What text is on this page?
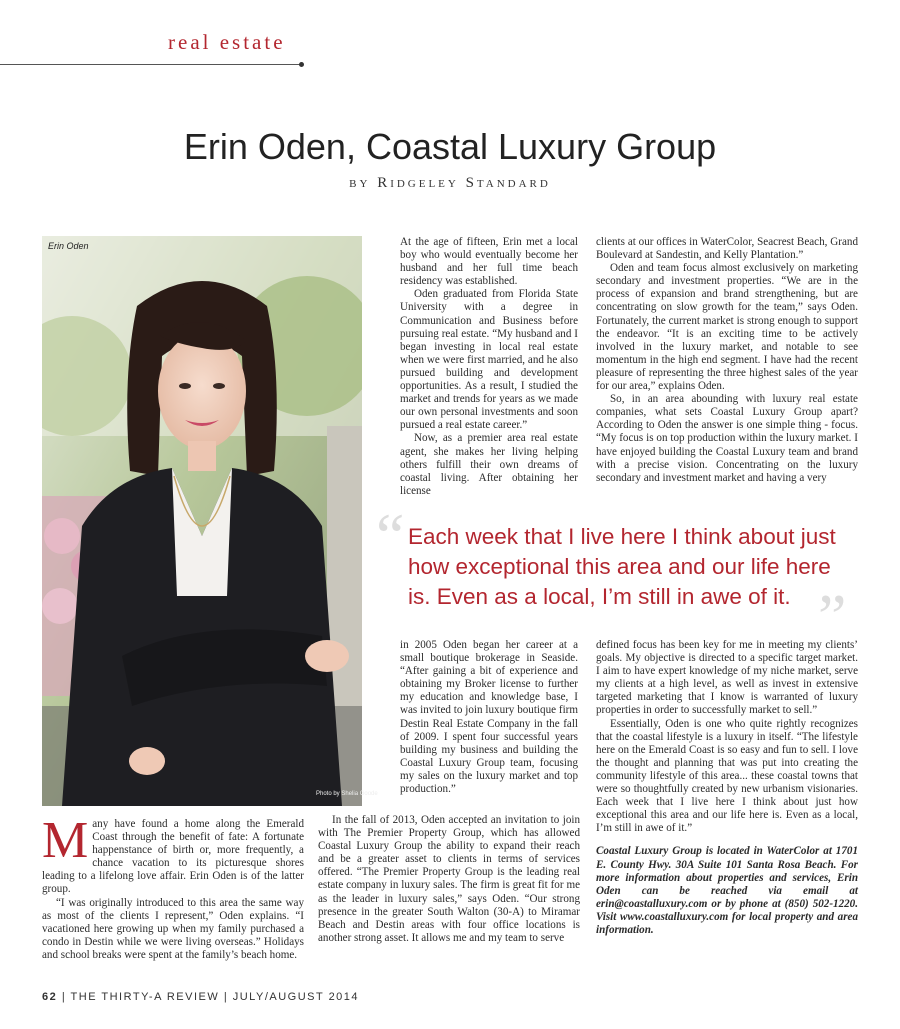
real estate
Erin Oden, Coastal Luxury Group
BY Ridgeley Standard
Erin Oden
Photo by Shelia Goode

At the age of fifteen, Erin met a local boy who would eventually become her husband and her full time beach residency was established.

Oden graduated from Florida State University with a degree in Communication and Business before pursuing real estate. “My husband and I began investing in local real estate when we were first married, and he also pursued building and development opportunities. As a result, I studied the market and trends for years as we made our own personal investments and soon pursued a real estate career.”

Now, as a premier area real estate agent, she makes her living helping others fulfill their own dreams of coastal living. After obtaining her license

clients at our offices in WaterColor, Seacrest Beach, Grand Boulevard at Sandestin, and Kelly Plantation.”

Oden and team focus almost exclusively on marketing secondary and investment properties. “We are in the process of expansion and brand strengthening, but are concentrating on slow growth for the team,” says Oden. Fortunately, the current market is strong enough to support the endeavor. “It is an exciting time to be actively involved in the luxury market, and notable to see momentum in the high end segment. I have had the recent pleasure of representing the three highest sales of the year for our area,” explains Oden.

So, in an area abounding with luxury real estate companies, what sets Coastal Luxury Group apart? According to Oden the answer is one simple thing - focus. “My focus is on top production within the luxury market. I have enjoyed building the Coastal Luxury team and brand with a precise vision. Concentrating on the luxury secondary and investment market and having a very

“ Each week that I live here I think about just

how exceptional this area and our life here

is. Even as a local, I’m still in awe of it. ”

in 2005 Oden began her career at a small boutique brokerage in Seaside. “After gaining a bit of experience and obtaining my Broker license to further my education and knowledge base, I was invited to join luxury boutique firm Destin Real Estate Company in the fall of 2009. I spent four successful years building my business and building the Coastal Luxury Group team, focusing my sales on the luxury market and top production.”

In the fall of 2013, Oden accepted an invitation to join with The Premier Property Group, which has allowed Coastal Luxury Group the ability to expand their reach and be a greater asset to clients in terms of services offered. “The Premier Property Group is the leading real estate company in luxury sales. The firm is great fit for me as the leader in luxury sales,” says Oden. “Our strong presence in the greater South Walton (30-A) to Miramar Beach and Destin areas with four office locations is another strong asset. It allows me and my team to serve

M any have found a home along the Emerald Coast through the benefit of fate: A fortunate happenstance of birth or, more frequently, a chance vacation to its picturesque shores leading to a lifelong love affair. Erin Oden is of the latter group.

“I was originally introduced to this area the same way as most of the clients I represent,” Oden explains. “I vacationed here growing up when my family purchased a condo in Destin while we were living overseas.” Holidays and school breaks were spent at the family’s beach home.

defined focus has been key for me in meeting my clients’ goals. My objective is directed to a specific target market. I aim to have expert knowledge of my niche market, serve my clients at a high level, as well as invest in extensive targeted marketing that I know is warranted of luxury properties in order to successfully market to sell.”

Essentially, Oden is one who quite rightly recognizes that the coastal lifestyle is a luxury in itself. “The lifestyle here on the Emerald Coast is so easy and fun to sell. I love the thought and planning that was put into creating the community lifestyle of this area... these coastal towns that were so thoughtfully created by new urbanism visionaries. Each week that I live here I think about just how exceptional this area and our life here is. Even as a local, I’m still in awe of it.”

Coastal Luxury Group is located in WaterColor at 1701 E. County Hwy. 30A Suite 101 Santa Rosa Beach. For more information about properties and services, Erin Oden can be reached via email at erin@coastalluxury.com or by phone at (850) 502-1220. Visit www.coastalluxury.com for local property and area information.

62 | THE THIRTY-A REVIEW | JULY/AUGUST 2014
